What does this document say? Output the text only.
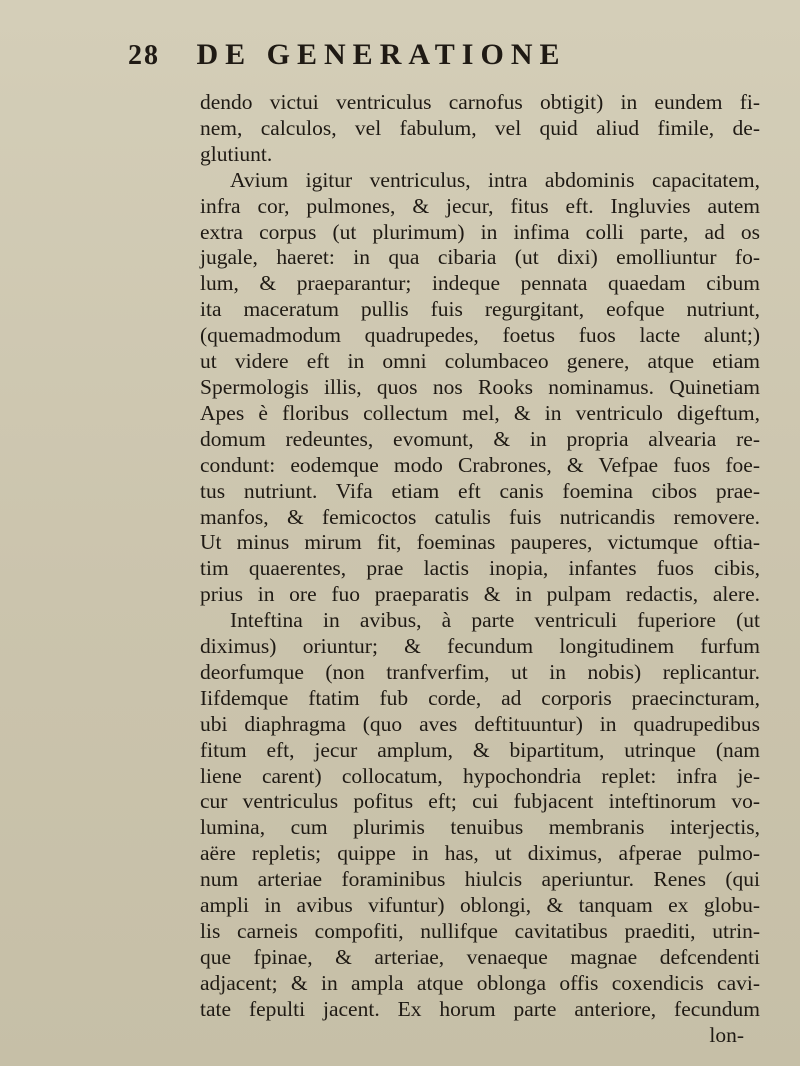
28 DE GENERATIONE
dendo victui ventriculus carnofus obtigit) in eundem fi-
nem, calculos, vel fabulum, vel quid aliud fimile, de-
glutiunt.
Avium igitur ventriculus, intra abdominis capacitatem,
infra cor, pulmones, & jecur, fitus eft. Ingluvies autem
extra corpus (ut plurimum) in infima colli parte, ad os
jugale, haeret: in qua cibaria (ut dixi) emolliuntur fo-
lum, & praeparantur; indeque pennata quaedam cibum
ita maceratum pullis fuis regurgitant, eofque nutriunt,
(quemadmodum quadrupedes, foetus fuos lacte alunt;)
ut videre eft in omni columbaceo genere, atque etiam
Spermologis illis, quos nos Rooks nominamus. Quinetiam
Apes è floribus collectum mel, & in ventriculo digeftum,
domum redeuntes, evomunt, & in propria alvearia re-
condunt: eodemque modo Crabrones, & Vefpae fuos foe-
tus nutriunt. Vifa etiam eft canis foemina cibos prae-
manfos, & femicoctos catulis fuis nutricandis removere.
Ut minus mirum fit, foeminas pauperes, victumque oftia-
tim quaerentes, prae lactis inopia, infantes fuos cibis,
prius in ore fuo praeparatis & in pulpam redactis, alere.
Inteftina in avibus, à parte ventriculi fuperiore (ut
diximus) oriuntur; & fecundum longitudinem furfum
deorfumque (non tranfverfim, ut in nobis) replicantur.
Iifdemque ftatim fub corde, ad corporis praecincturam,
ubi diaphragma (quo aves deftituuntur) in quadrupedibus
fitum eft, jecur amplum, & bipartitum, utrinque (nam
liene carent) collocatum, hypochondria replet: infra je-
cur ventriculus pofitus eft; cui fubjacent inteftinorum vo-
lumina, cum plurimis tenuibus membranis interjectis,
aëre repletis; quippe in has, ut diximus, afperae pulmo-
num arteriae foraminibus hiulcis aperiuntur. Renes (qui
ampli in avibus vifuntur) oblongi, & tanquam ex globu-
lis carneis compofiti, nullifque cavitatibus praediti, utrin-
que fpinae, & arteriae, venaeque magnae defcendenti
adjacent; & in ampla atque oblonga offis coxendicis cavi-
tate fepulti jacent. Ex horum parte anteriore, fecundum
lon-
